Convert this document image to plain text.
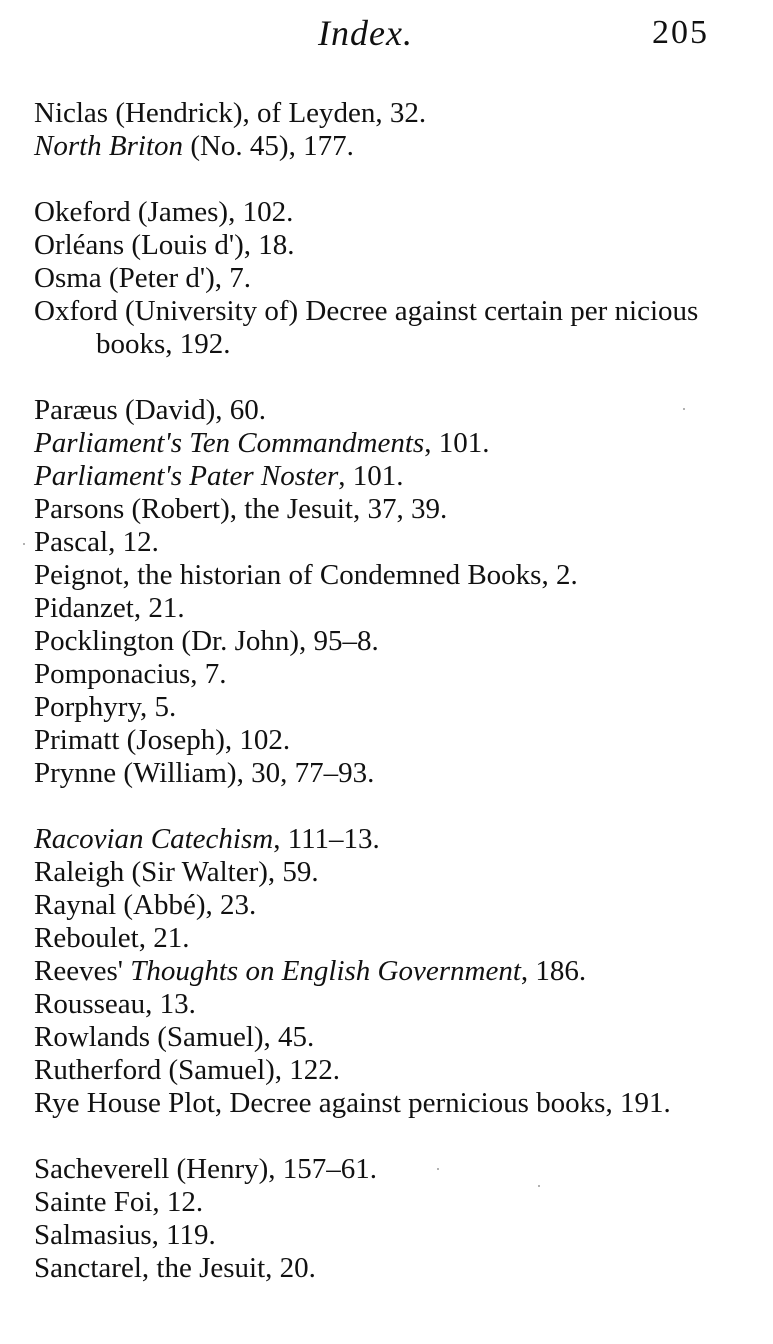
Index.	205
Niclas (Hendrick), of Leyden, 32.
North Briton (No. 45), 177.
Okeford (James), 102.
Orléans (Louis d'), 18.
Osma (Peter d'), 7.
Oxford (University of) Decree against certain per nicious books, 192.
Paræus (David), 60.
Parliament's Ten Commandments, 101.
Parliament's Pater Noster, 101.
Parsons (Robert), the Jesuit, 37, 39.
Pascal, 12.
Peignot, the historian of Condemned Books, 2.
Pidanzet, 21.
Pocklington (Dr. John), 95–8.
Pomponacius, 7.
Porphyry, 5.
Primatt (Joseph), 102.
Prynne (William), 30, 77–93.
Racovian Catechism, 111–13.
Raleigh (Sir Walter), 59.
Raynal (Abbé), 23.
Reboulet, 21.
Reeves' Thoughts on English Government, 186.
Rousseau, 13.
Rowlands (Samuel), 45.
Rutherford (Samuel), 122.
Rye House Plot, Decree against pernicious books, 191.
Sacheverell (Henry), 157–61.
Sainte Foi, 12.
Salmasius, 119.
Sanctarel, the Jesuit, 20.
